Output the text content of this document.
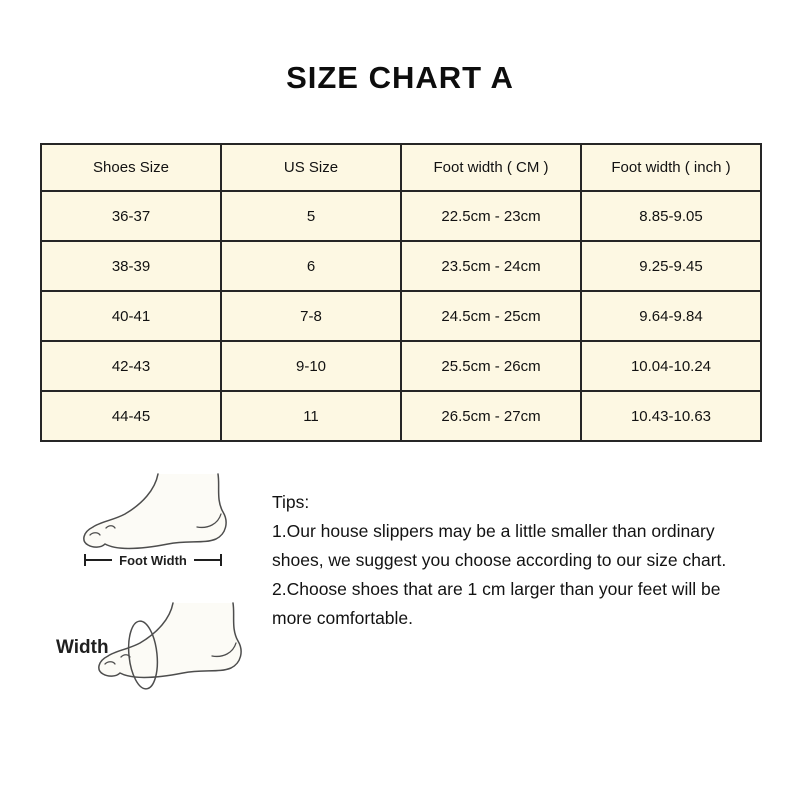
SIZE CHART A
Shoes Size	US Size	Foot width ( CM )	Foot width ( inch )
36-37	5	22.5cm - 23cm	8.85-9.05
38-39	6	23.5cm - 24cm	9.25-9.45
40-41	7-8	24.5cm - 25cm	9.64-9.84
42-43	9-10	25.5cm - 26cm	10.04-10.24
44-45	11	26.5cm - 27cm	10.43-10.63
Foot Width
Width
Tips:
1.Our house slippers may be a little smaller than ordinary
shoes, we suggest you choose according to our size chart.
2.Choose shoes that are 1 cm larger than your feet will be
more comfortable.
